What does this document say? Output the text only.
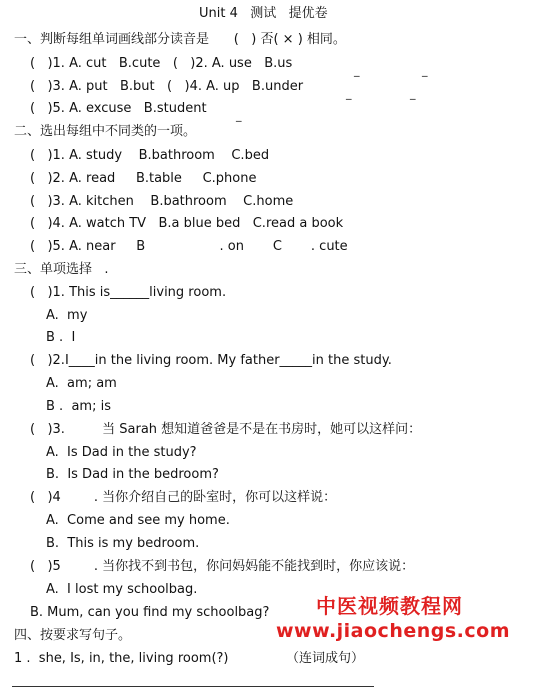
Unit 4   测试   提优卷
一、判断每组单词画线部分读音是      (   ) 否( × ) 相同。
(   )1. A. cut   B.cute   (   )2. A. use   B.us
(   )3. A. put   B.but   (   )4. A. up   B.under
(   )5. A. excuse   B.student
_	_
_	_
_
二、选出每组中不同类的一项。
(   )1. A. study    B.bathroom    C.bed
(   )2. A. read     B.table     C.phone
(   )3. A. kitchen    B.bathroom    C.home
(   )4. A. watch TV   B.a blue bed   C.read a book
(   )5. A. near     B                  . on       C       . cute
三、单项选择   .
(   )1. This is______living room.
A.  my
B .  I
(   )2.I____in the living room. My father_____in the study.
A.  am; am
B .  am; is
(   )3.         当 Sarah 想知道爸爸是不是在书房时，她可以这样问：
A.  Is Dad in the study?
B.  Is Dad in the bedroom?
(   )4        . 当你介绍自己的卧室时，你可以这样说：
A.  Come and see my home.
B.  This is my bedroom.
(   )5        . 当你找不到书包，你问妈妈能不能找到时，你应该说：
A.  I lost my schoolbag.
B. Mum, can you find my schoolbag?
四、按要求写句子。
1 .  she, Is, in, the, living room(?)	（连词成句）
中医视频教程网
www.jiaochengs.com
